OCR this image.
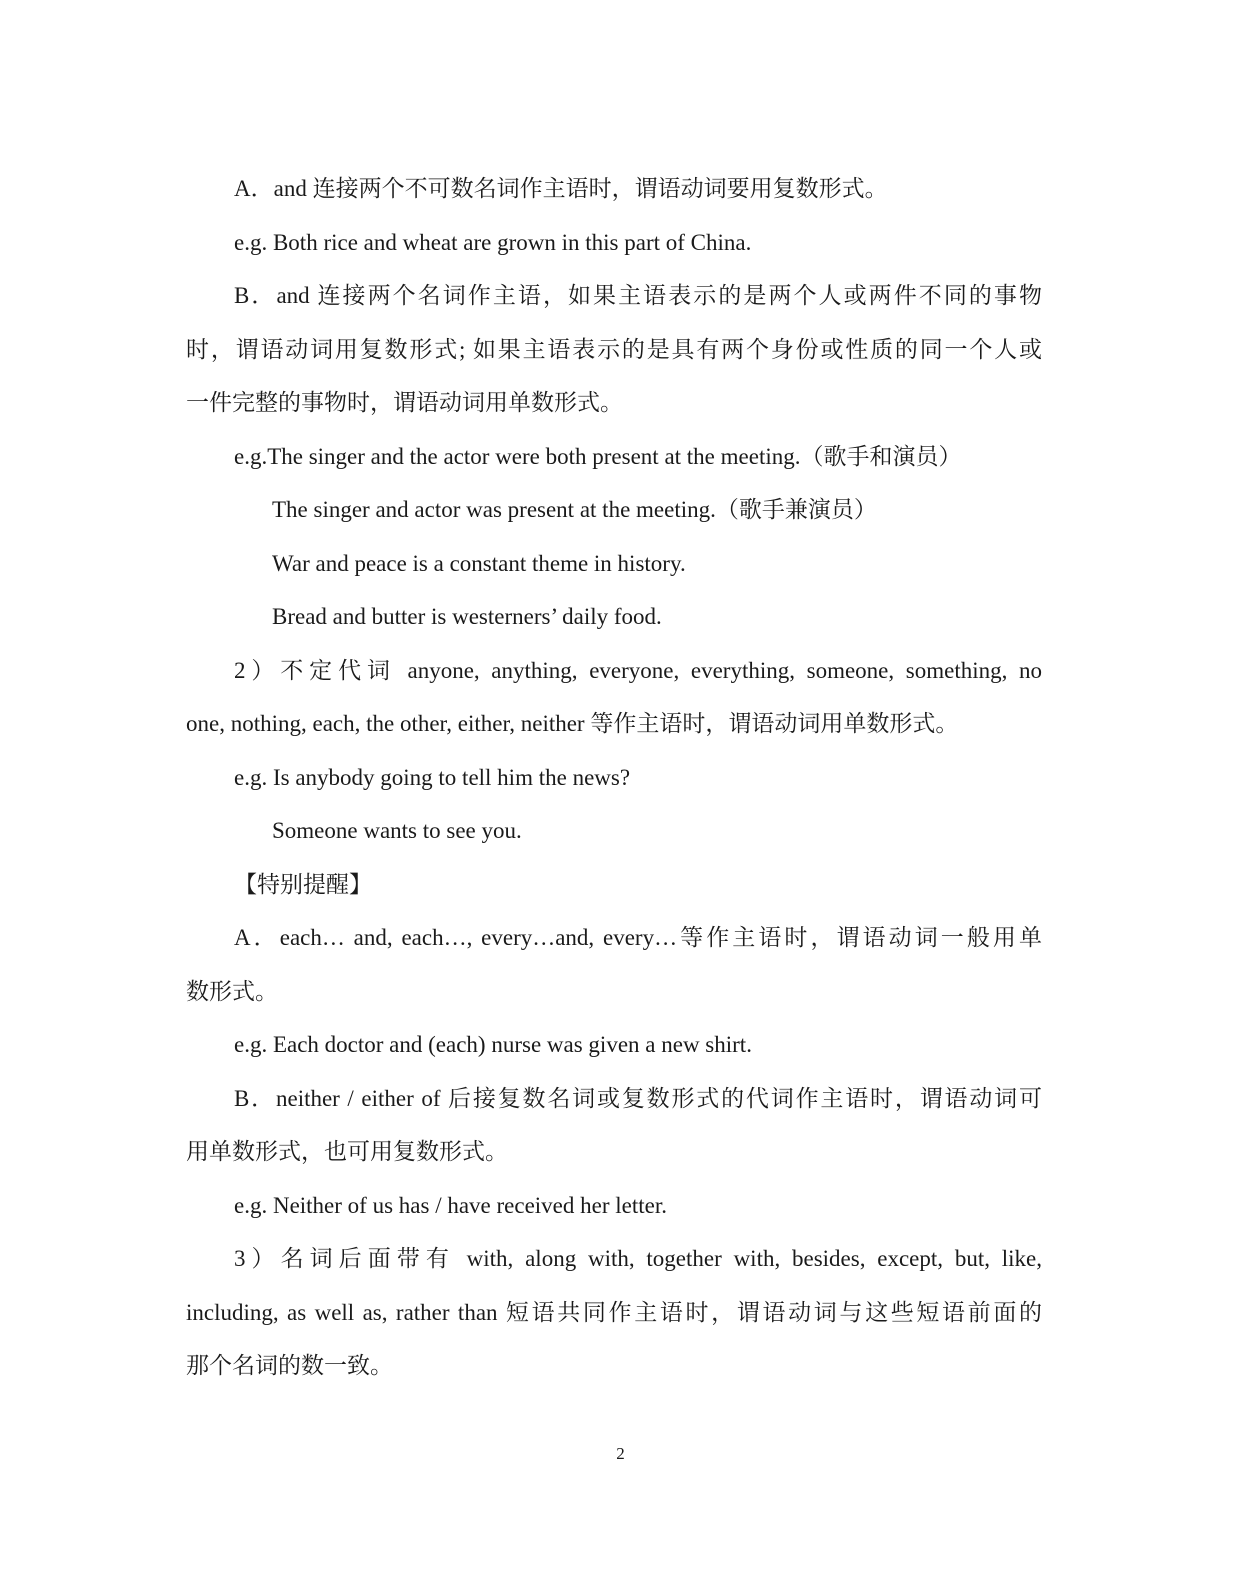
A．and 连接两个不可数名词作主语时，谓语动词要用复数形式。
e.g. Both rice and wheat are grown in this part of China.
B．and 连接两个名词作主语，如果主语表示的是两个人或两件不同的事物
时，谓语动词用复数形式; 如果主语表示的是具有两个身份或性质的同一个人或
一件完整的事物时，谓语动词用单数形式。
e.g.The singer and the actor were both present at the meeting.（歌手和演员）
The singer and actor was present at the meeting.（歌手兼演员）
War and peace is a constant theme in history.
Bread and butter is westerners’ daily food.
2）不定代词 anyone, anything, everyone, everything, someone, something, no
one, nothing, each, the other, either, neither 等作主语时，谓语动词用单数形式。
e.g. Is anybody going to tell him the news?
Someone wants to see you.
【特别提醒】
A．each… and, each…, every…and, every…等作主语时，谓语动词一般用单
数形式。
e.g. Each doctor and (each) nurse was given a new shirt.
B．neither / either of 后接复数名词或复数形式的代词作主语时，谓语动词可
用单数形式，也可用复数形式。
e.g. Neither of us has / have received her letter.
3）名词后面带有 with, along with, together with, besides, except, but, like,
including, as well as, rather than 短语共同作主语时，谓语动词与这些短语前面的
那个名词的数一致。
2
